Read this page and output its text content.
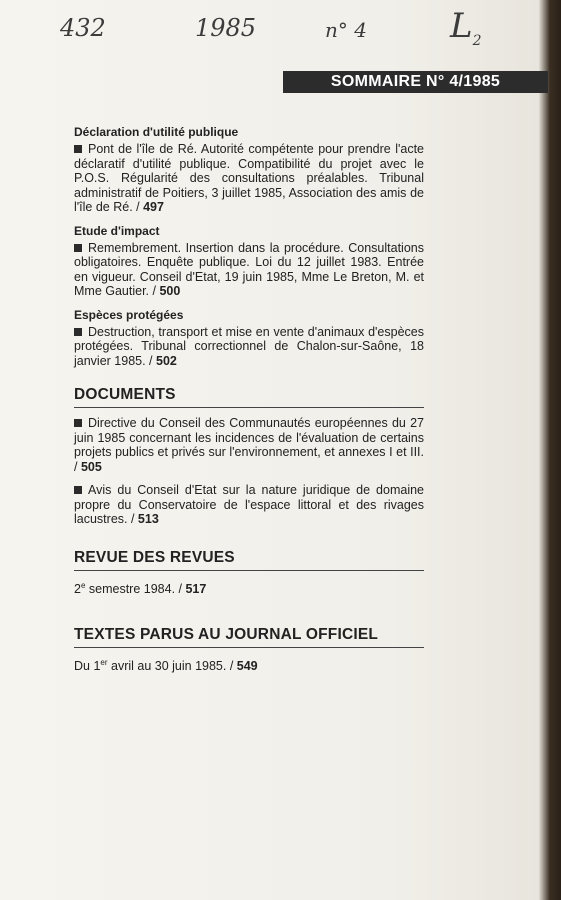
432	1985	n° 4 $L_2$
SOMMAIRE N° 4/1985
Déclaration d'utilité publique

Pont de l'île de Ré. Autorité compétente pour prendre l'acte déclaratif d'utilité publique. Compatibilité du projet avec le P.O.S. Régularité des consultations préalables. Tribunal administratif de Poitiers, 3 juillet 1985, Association des amis de l'île de Ré. / 497

Etude d'impact

Remembrement. Insertion dans la procédure. Consultations obligatoires. Enquête publique. Loi du 12 juillet 1983. Entrée en vigueur. Conseil d'Etat, 19 juin 1985, Mme Le Breton, M. et Mme Gautier. / 500

Espèces protégées

Destruction, transport et mise en vente d'animaux d'espèces protégées. Tribunal correctionnel de Chalon-sur-Saône, 18 janvier 1985. / 502

DOCUMENTS

Directive du Conseil des Communautés européennes du 27 juin 1985 concernant les incidences de l'évaluation de certains projets publics et privés sur l'environnement, et annexes I et III. / 505

Avis du Conseil d'Etat sur la nature juridique de domaine propre du Conservatoire de l'espace littoral et des rivages lacustres. / 513

REVUE DES REVUES

2e semestre 1984. / 517

TEXTES PARUS AU JOURNAL OFFICIEL

Du 1er avril au 30 juin 1985. / 549
